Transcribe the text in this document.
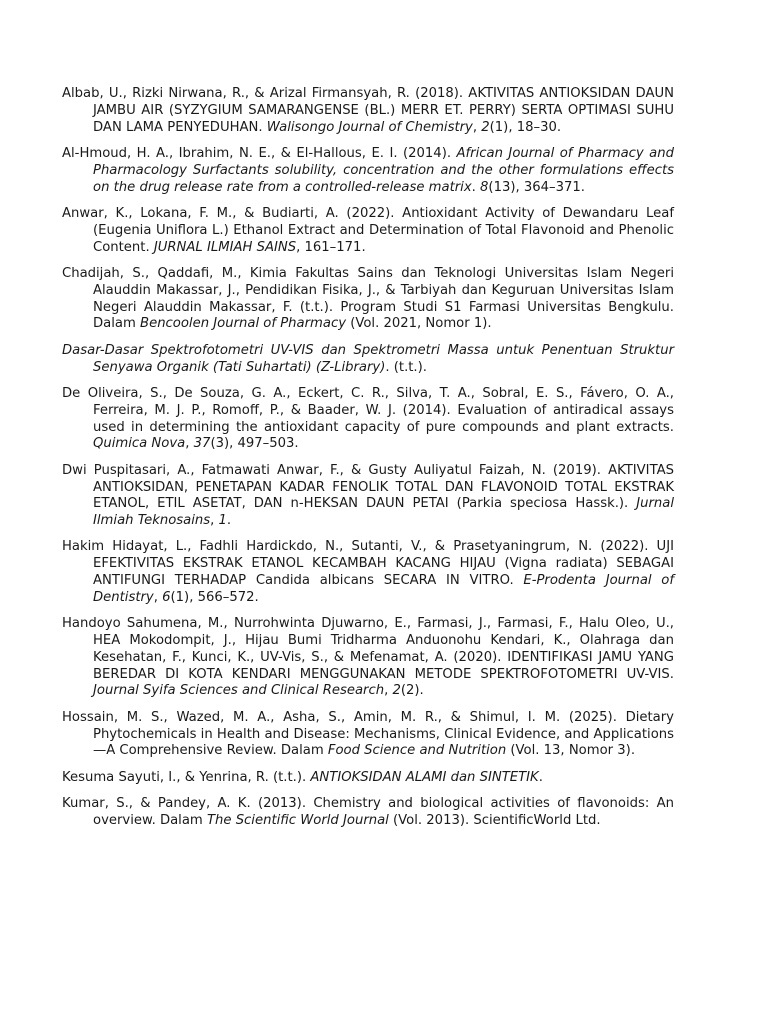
Albab, U., Rizki Nirwana, R., & Arizal Firmansyah, R. (2018). AKTIVITAS ANTIOKSIDAN DAUN JAMBU AIR (SYZYGIUM SAMARANGENSE (BL.) MERR ET. PERRY) SERTA OPTIMASI SUHU DAN LAMA PENYEDUHAN. Walisongo Journal of Chemistry, 2(1), 18–30.

Al-Hmoud, H. A., Ibrahim, N. E., & El-Hallous, E. I. (2014). African Journal of Pharmacy and Pharmacology Surfactants solubility, concentration and the other formulations effects on the drug release rate from a controlled-release matrix. 8(13), 364–371.

Anwar, K., Lokana, F. M., & Budiarti, A. (2022). Antioxidant Activity of Dewandaru Leaf (Eugenia Uniflora L.) Ethanol Extract and Determination of Total Flavonoid and Phenolic Content. JURNAL ILMIAH SAINS, 161–171.

Chadijah, S., Qaddafi, M., Kimia Fakultas Sains dan Teknologi Universitas Islam Negeri Alauddin Makassar, J., Pendidikan Fisika, J., & Tarbiyah dan Keguruan Universitas Islam Negeri Alauddin Makassar, F. (t.t.). Program Studi S1 Farmasi Universitas Bengkulu. Dalam Bencoolen Journal of Pharmacy (Vol. 2021, Nomor 1).

Dasar-Dasar Spektrofotometri UV-VIS dan Spektrometri Massa untuk Penentuan Struktur Senyawa Organik (Tati Suhartati) (Z-Library). (t.t.).

De Oliveira, S., De Souza, G. A., Eckert, C. R., Silva, T. A., Sobral, E. S., Fávero, O. A., Ferreira, M. J. P., Romoff, P., & Baader, W. J. (2014). Evaluation of antiradical assays used in determining the antioxidant capacity of pure compounds and plant extracts. Quimica Nova, 37(3), 497–503.

Dwi Puspitasari, A., Fatmawati Anwar, F., & Gusty Auliyatul Faizah, N. (2019). AKTIVITAS ANTIOKSIDAN, PENETAPAN KADAR FENOLIK TOTAL DAN FLAVONOID TOTAL EKSTRAK ETANOL, ETIL ASETAT, DAN n-HEKSAN DAUN PETAI (Parkia speciosa Hassk.). Jurnal Ilmiah Teknosains, 1.

Hakim Hidayat, L., Fadhli Hardickdo, N., Sutanti, V., & Prasetyaningrum, N. (2022). UJI EFEKTIVITAS EKSTRAK ETANOL KECAMBAH KACANG HIJAU (Vigna radiata) SEBAGAI ANTIFUNGI TERHADAP Candida albicans SECARA IN VITRO. E-Prodenta Journal of Dentistry, 6(1), 566–572.

Handoyo Sahumena, M., Nurrohwinta Djuwarno, E., Farmasi, J., Farmasi, F., Halu Oleo, U., HEA Mokodompit, J., Hijau Bumi Tridharma Anduonohu Kendari, K., Olahraga dan Kesehatan, F., Kunci, K., UV-Vis, S., & Mefenamat, A. (2020). IDENTIFIKASI JAMU YANG BEREDAR DI KOTA KENDARI MENGGUNAKAN METODE SPEKTROFOTOMETRI UV-VIS. Journal Syifa Sciences and Clinical Research, 2(2).

Hossain, M. S., Wazed, M. A., Asha, S., Amin, M. R., & Shimul, I. M. (2025). Dietary Phytochemicals in Health and Disease: Mechanisms, Clinical Evidence, and Applications—A Comprehensive Review. Dalam Food Science and Nutrition (Vol. 13, Nomor 3).

Kesuma Sayuti, I., & Yenrina, R. (t.t.). ANTIOKSIDAN ALAMI dan SINTETIK.

Kumar, S., & Pandey, A. K. (2013). Chemistry and biological activities of flavonoids: An overview. Dalam The Scientific World Journal (Vol. 2013). ScientificWorld Ltd.
